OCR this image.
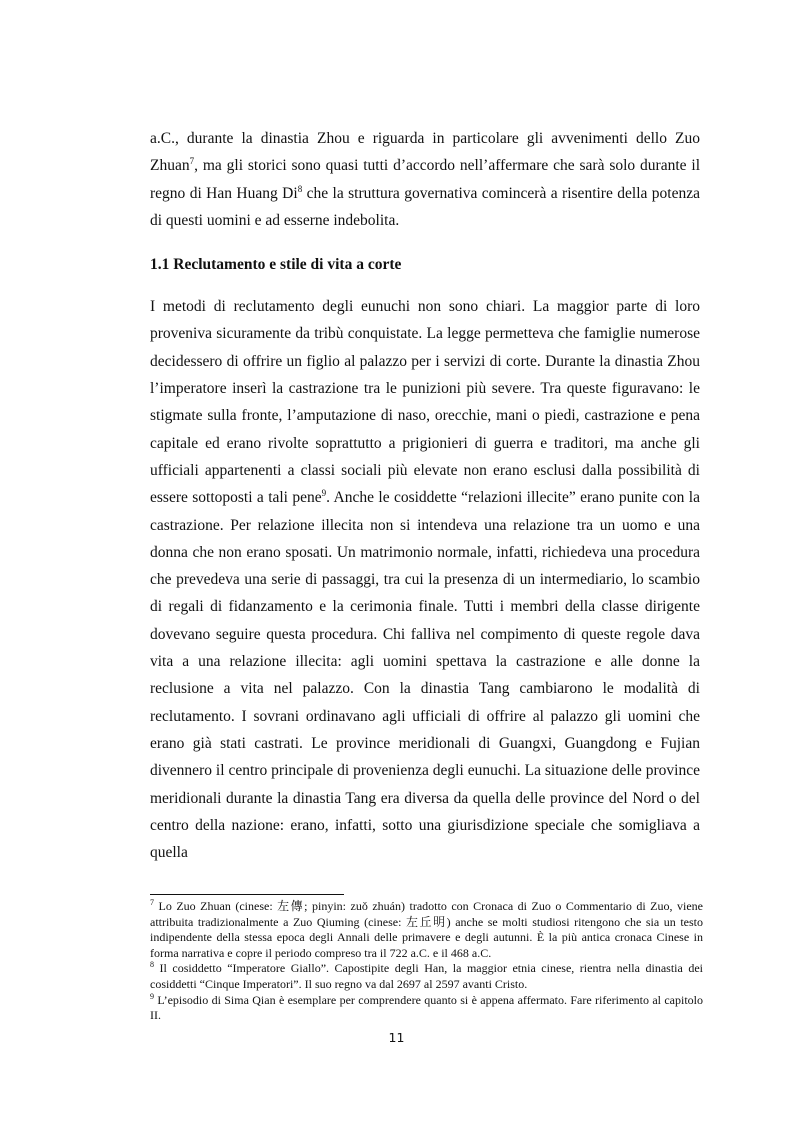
a.C., durante la dinastia Zhou e riguarda in particolare gli avvenimenti dello Zuo Zhuan$^7$, ma gli storici sono quasi tutti d’accordo nell’affermare che sarà solo durante il regno di Han Huang Di$^8$ che la struttura governativa comincerà a risentire della potenza di questi uomini e ad esserne indebolita.

1.1 Reclutamento e stile di vita a corte

I metodi di reclutamento degli eunuchi non sono chiari. La maggior parte di loro proveniva sicuramente da tribù conquistate. La legge permetteva che famiglie numerose decidessero di offrire un figlio al palazzo per i servizi di corte. Durante la dinastia Zhou l’imperatore inserì la castrazione tra le punizioni più severe. Tra queste figuravano: le stigmate sulla fronte, l’amputazione di naso, orecchie, mani o piedi, castrazione e pena capitale ed erano rivolte soprattutto a prigionieri di guerra e traditori, ma anche gli ufficiali appartenenti a classi sociali più elevate non erano esclusi dalla possibilità di essere sottoposti a tali pene$^9$. Anche le cosiddette “relazioni illecite” erano punite con la castrazione. Per relazione illecita non si intendeva una relazione tra un uomo e una donna che non erano sposati. Un matrimonio normale, infatti, richiedeva una procedura che prevedeva una serie di passaggi, tra cui la presenza di un intermediario, lo scambio di regali di fidanzamento e la cerimonia finale. Tutti i membri della classe dirigente dovevano seguire questa procedura. Chi falliva nel compimento di queste regole dava vita a una relazione illecita: agli uomini spettava la castrazione e alle donne la reclusione a vita nel palazzo. Con la dinastia Tang cambiarono le modalità di reclutamento. I sovrani ordinavano agli ufficiali di offrire al palazzo gli uomini che erano già stati castrati. Le province meridionali di Guangxi, Guangdong e Fujian divennero il centro principale di provenienza degli eunuchi. La situazione delle province meridionali durante la dinastia Tang era diversa da quella delle province del Nord o del centro della nazione: erano, infatti, sotto una giurisdizione speciale che somigliava a quella

$^7$ Lo Zuo Zhuan (cinese: 左傳; pinyin: zuǒ zhuán) tradotto con Cronaca di Zuo o Commentario di Zuo, viene attribuita tradizionalmente a Zuo Qiuming (cinese: 左丘明) anche se molti studiosi ritengono che sia un testo indipendente della stessa epoca degli Annali delle primavere e degli autunni. È la più antica cronaca Cinese in forma narrativa e copre il periodo compreso tra il 722 a.C. e il 468 a.C.

$^8$ Il cosiddetto “Imperatore Giallo”. Capostipite degli Han, la maggior etnia cinese, rientra nella dinastia dei cosiddetti “Cinque Imperatori”. Il suo regno va dal 2697 al 2597 avanti Cristo.

$^9$ L’episodio di Sima Qian è esemplare per comprendere quanto si è appena affermato. Fare riferimento al capitolo II.

11
